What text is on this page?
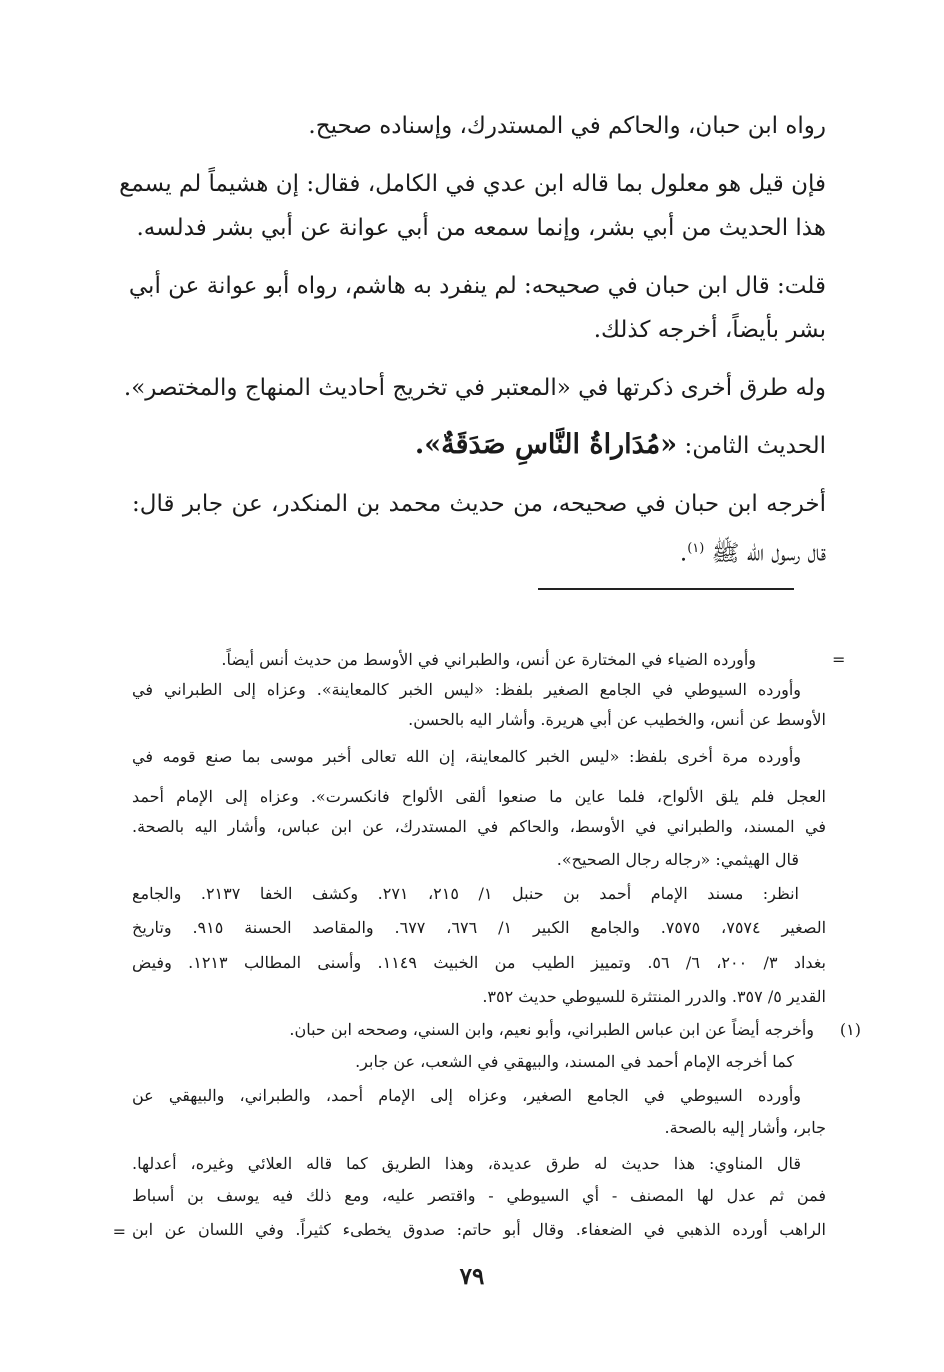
رواه ابن حبان، والحاكم في المستدرك، وإسناده صحيح.

فإن قيل هو معلول بما قاله ابن عدي في الكامل، فقال: إن هشيماً لم يسمع

هذا الحديث من أبي بشر، وإنما سمعه من أبي عوانة عن أبي بشر فدلسه.

قلت: قال ابن حبان في صحيحه: لم ينفرد به هاشم، رواه أبو عوانة عن أبي

بشر بأيضاً، أخرجه كذلك.

وله طرق أخرى ذكرتها في «المعتبر في تخريج أحاديث المنهاج والمختصر».

الحديث الثامن: «مُدَاراةُ النَّاسِ صَدَقَةٌ».

أخرجه ابن حبان في صحيحه، من حديث محمد بن المنكدر، عن جابر قال:

قال رسول الله ﷺ $^{(١)}$.

=

وأورده الضياء في المختارة عن أنس، والطبراني في الأوسط من حديث أنس أيضاً.

وأورده السيوطي في الجامع الصغير بلفظ: «ليس الخبر كالمعاينة». وعزاه إلى الطبراني في

الأوسط عن أنس، والخطيب عن أبي هريرة. وأشار اليه بالحسن.

وأورده مرة أخرى بلفظ: «ليس الخبر كالمعاينة، إن الله تعالى أخبر موسى بما صنع قومه في

العجل فلم يلق الألواح، فلما عاين ما صنعوا ألقى الألواح فانكسرت». وعزاه إلى الإمام أحمد

في المسند، والطبراني في الأوسط، والحاكم في المستدرك، عن ابن عباس، وأشار اليه بالصحة.

قال الهيثمي: «رجاله رجال الصحيح».

انظر: مسند الإمام أحمد بن حنبل ١/ ٢١٥، ٢٧١. وكشف الخفا ٢١٣٧. والجامع

الصغير ٧٥٧٤، ٧٥٧٥. والجامع الكبير ١/ ٦٧٦، ٦٧٧. والمقاصد الحسنة ٩١٥. وتاريخ

بغداد ٣/ ٢٠٠، ٦/ ٥٦. وتمييز الطيب من الخبيث ١١٤٩. وأسنى المطالب ١٢١٣. وفيض

القدير ٥/ ٣٥٧. والدرر المنتثرة للسيوطي حديث ٣٥٢.

(١)

وأخرجه أيضاً عن ابن عباس الطبراني، وأبو نعيم، وابن السني، وصححه ابن حبان.

كما أخرجه الإمام أحمد في المسند، والبيهقي في الشعب، عن جابر.

وأورده السيوطي في الجامع الصغير، وعزاه إلى الإمام أحمد، والطبراني، والبيهقي عن

جابر، وأشار إليه بالصحة.

قال المناوي: هذا حديث له طرق عديدة، وهذا الطريق كما قاله العلائي وغيره، أعدلها.

فمن ثم عدل لها المصنف - أي السيوطي - واقتصر عليه، ومع ذلك فيه يوسف بن أسباط

الراهب أورده الذهبي في الضعفاء. وقال أبو حاتم: صدوق يخطىء كثيراً. وفي اللسان عن ابن

=
٧٩
